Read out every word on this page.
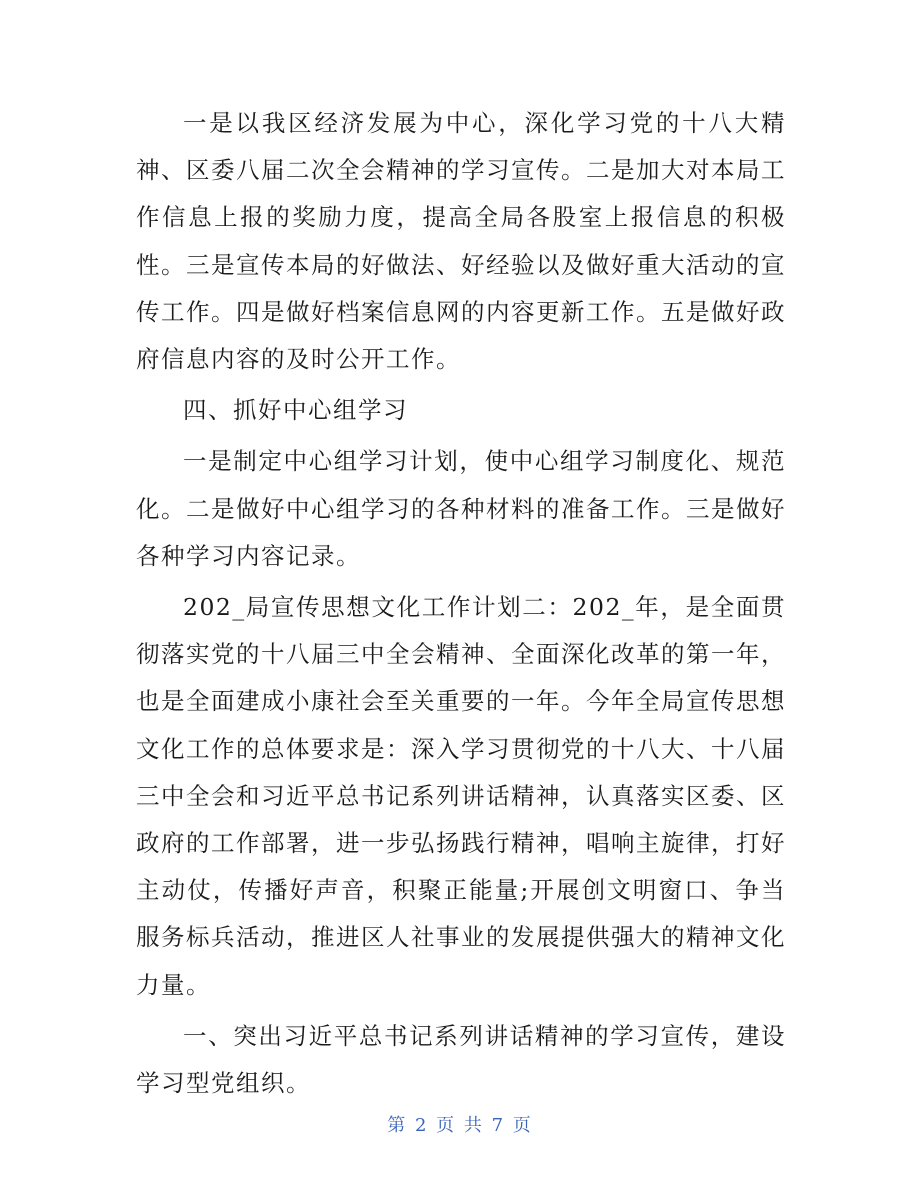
一是以我区经济发展为中心，深化学习党的十八大精神、区委八届二次全会精神的学习宣传。二是加大对本局工作信息上报的奖励力度，提高全局各股室上报信息的积极性。三是宣传本局的好做法、好经验以及做好重大活动的宣传工作。四是做好档案信息网的内容更新工作。五是做好政府信息内容的及时公开工作。

四、抓好中心组学习

一是制定中心组学习计划，使中心组学习制度化、规范化。二是做好中心组学习的各种材料的准备工作。三是做好各种学习内容记录。

202_局宣传思想文化工作计划二：202_年，是全面贯彻落实党的十八届三中全会精神、全面深化改革的第一年，也是全面建成小康社会至关重要的一年。今年全局宣传思想文化工作的总体要求是：深入学习贯彻党的十八大、十八届三中全会和习近平总书记系列讲话精神，认真落实区委、区政府的工作部署，进一步弘扬践行精神，唱响主旋律，打好主动仗，传播好声音，积聚正能量;开展创文明窗口、争当服务标兵活动，推进区人社事业的发展提供强大的精神文化力量。

一、突出习近平总书记系列讲话精神的学习宣传，建设学习型党组织。

第 2 页 共 7 页
